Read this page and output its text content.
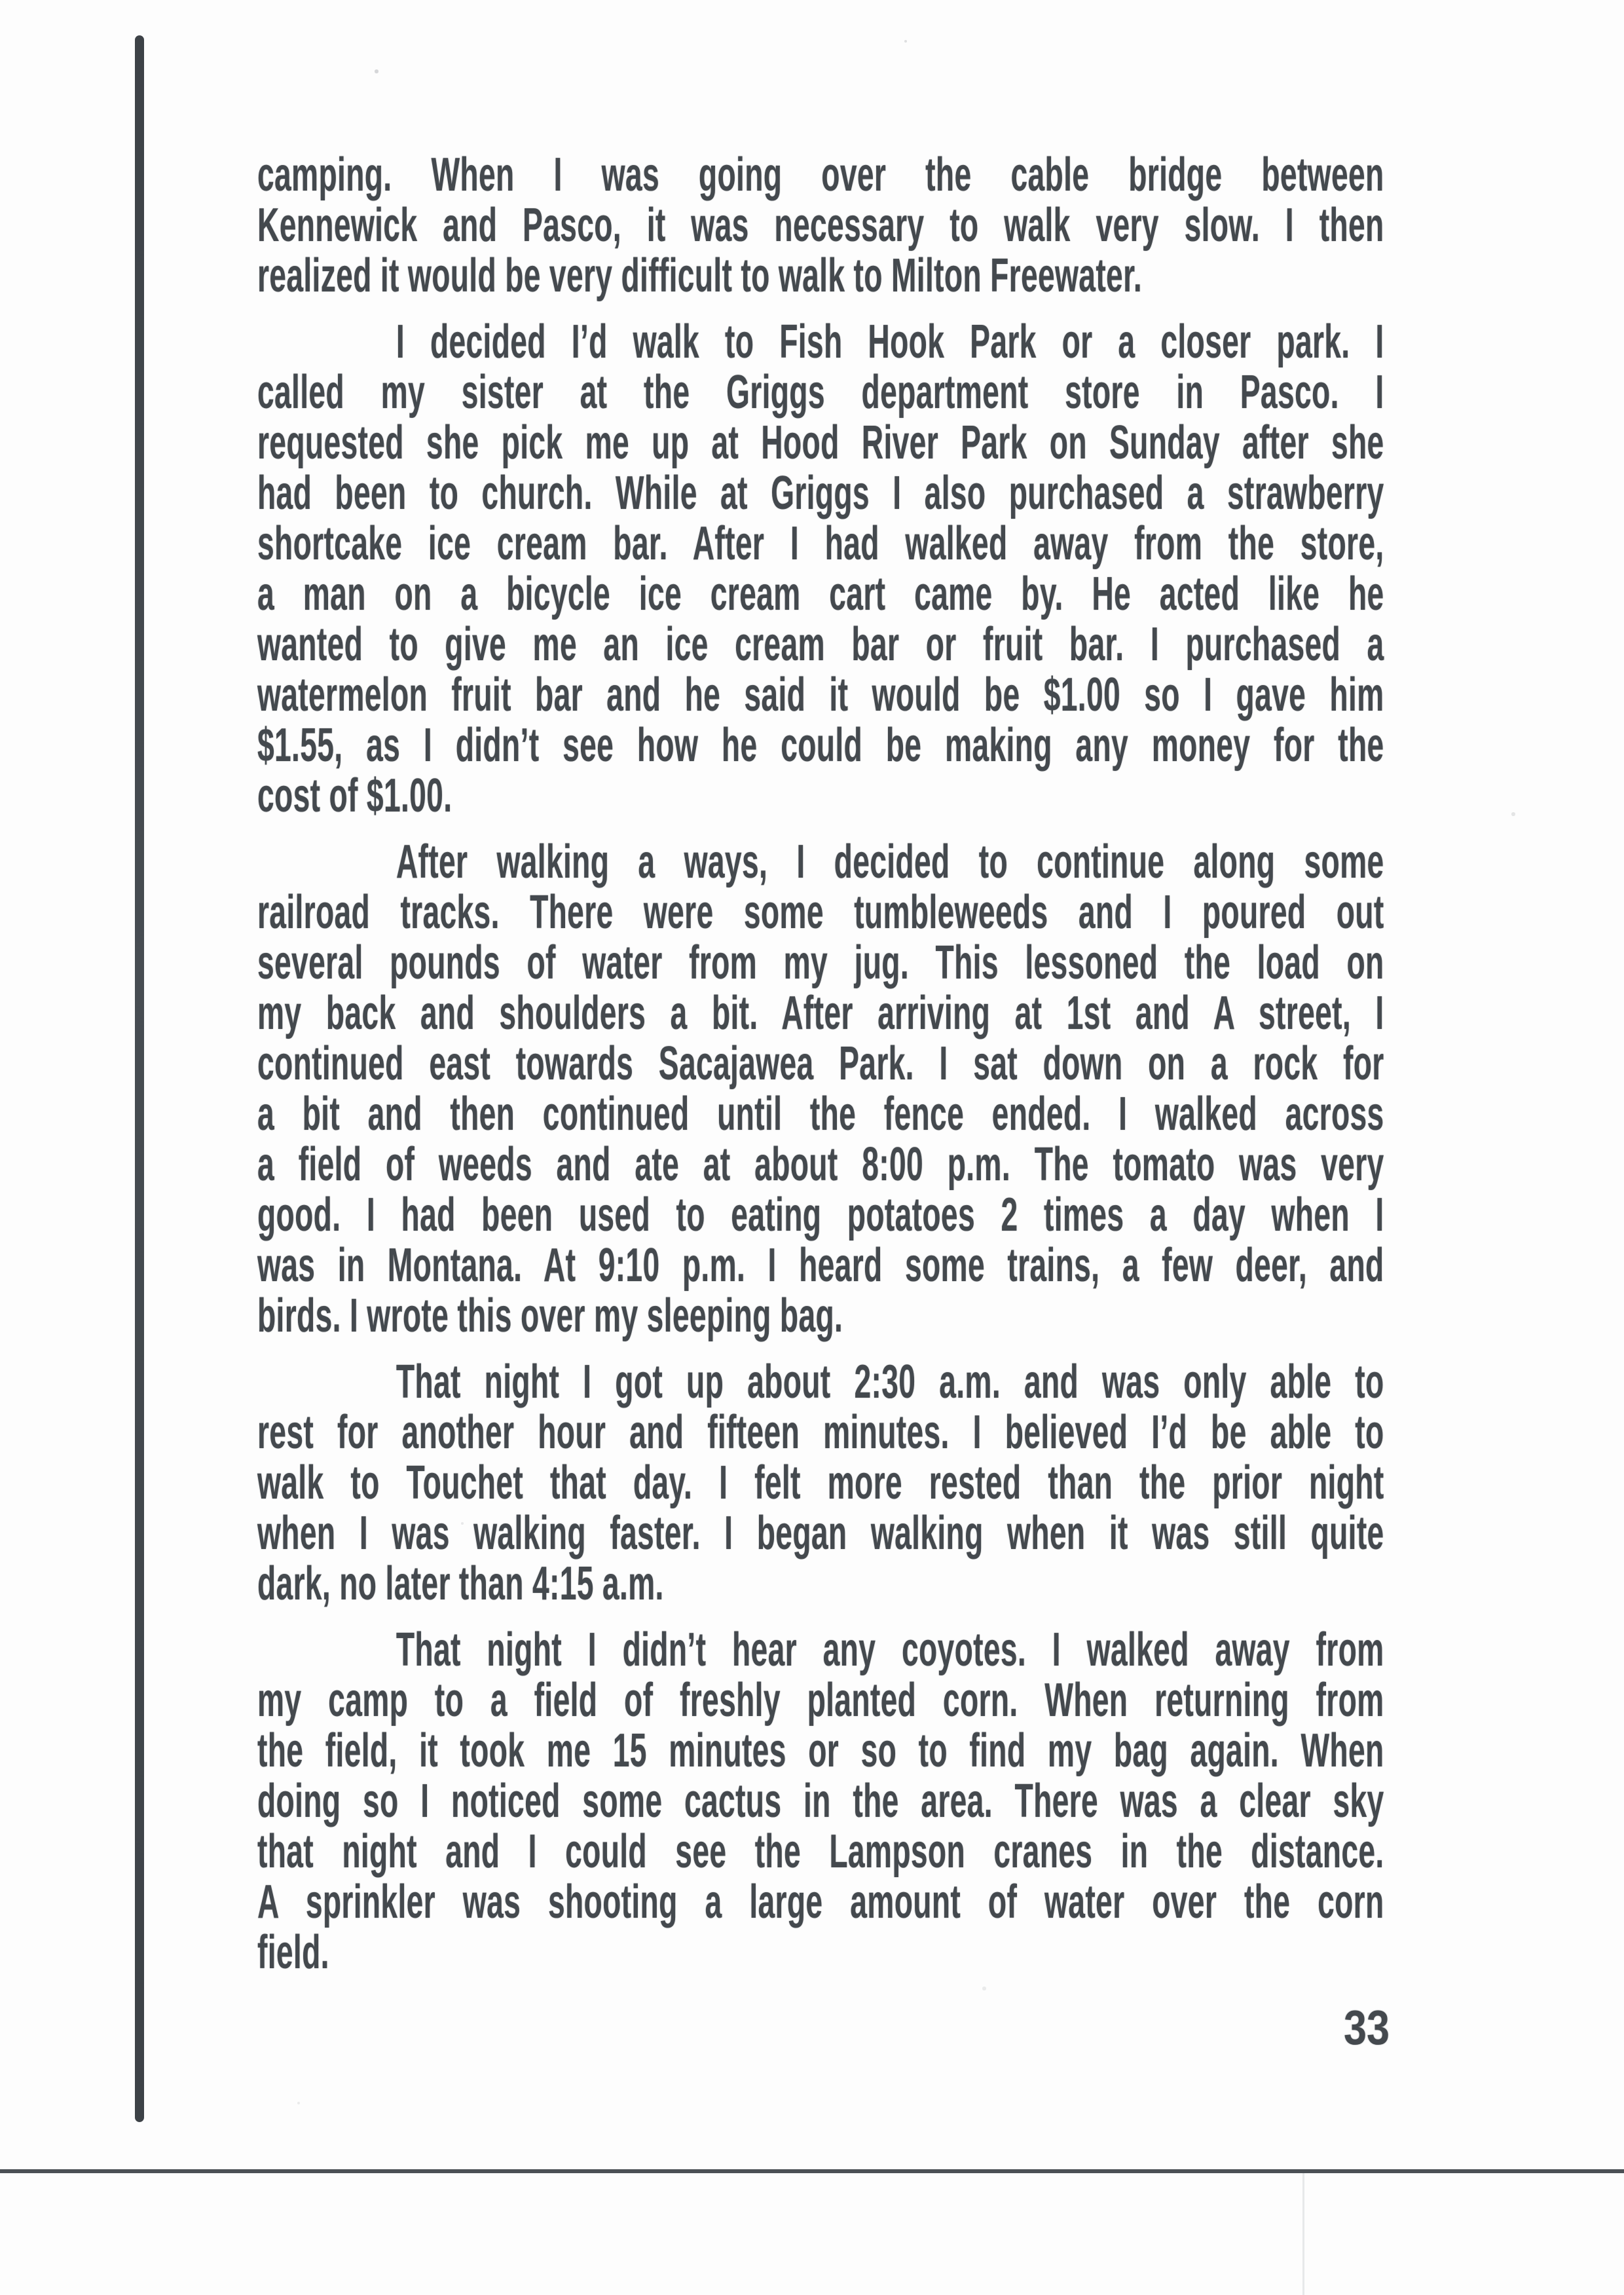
camping. When I was going over the cable bridge between
Kennewick and Pasco, it was necessary to walk very slow. I then
realized it would be very difficult to walk to Milton Freewater.

I decided I’d walk to Fish Hook Park or a closer park. I
called my sister at the Griggs department store in Pasco. I
requested she pick me up at Hood River Park on Sunday after she
had been to church. While at Griggs I also purchased a strawberry
shortcake ice cream bar. After I had walked away from the store,
a man on a bicycle ice cream cart came by. He acted like he
wanted to give me an ice cream bar or fruit bar. I purchased a
watermelon fruit bar and he said it would be $1.00 so I gave him
$1.55, as I didn’t see how he could be making any money for the
cost of $1.00.

After walking a ways, I decided to continue along some
railroad tracks. There were some tumbleweeds and I poured out
several pounds of water from my jug. This lessoned the load on
my back and shoulders a bit. After arriving at 1st and A street, I
continued east towards Sacajawea Park. I sat down on a rock for
a bit and then continued until the fence ended. I walked across
a field of weeds and ate at about 8:00 p.m. The tomato was very
good. I had been used to eating potatoes 2 times a day when I
was in Montana. At 9:10 p.m. I heard some trains, a few deer, and
birds. I wrote this over my sleeping bag.

That night I got up about 2:30 a.m. and was only able to
rest for another hour and fifteen minutes. I believed I’d be able to
walk to Touchet that day. I felt more rested than the prior night
when I was walking faster. I began walking when it was still quite
dark, no later than 4:15 a.m.

That night I didn’t hear any coyotes. I walked away from
my camp to a field of freshly planted corn. When returning from
the field, it took me 15 minutes or so to find my bag again. When
doing so I noticed some cactus in the area. There was a clear sky
that night and I could see the Lampson cranes in the distance.
A sprinkler was shooting a large amount of water over the corn
field.

33
